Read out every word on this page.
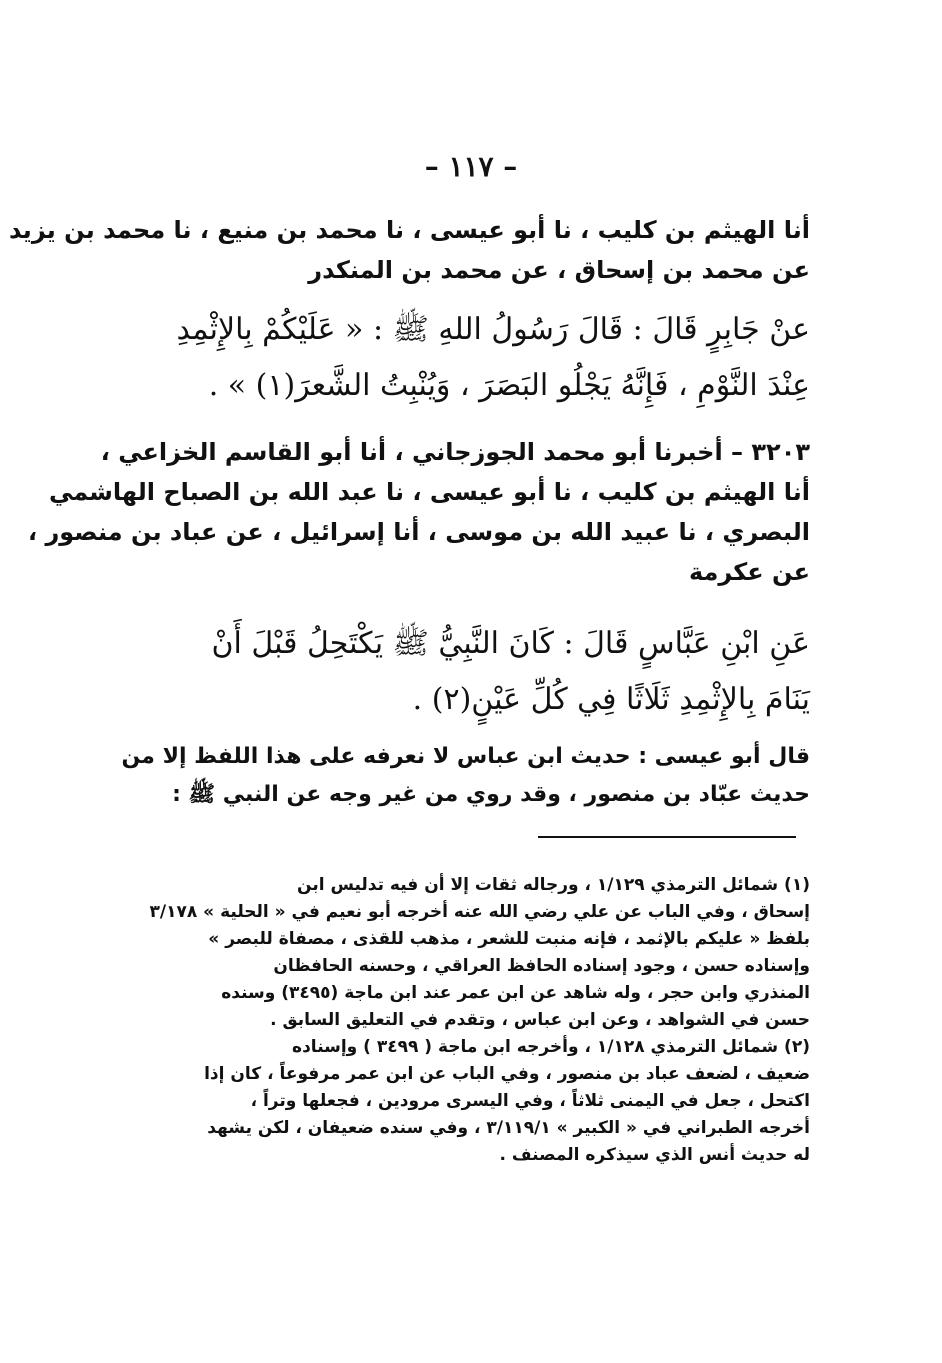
– ١١٧ –
أنا الهيثم بن كليب ، نا أبو عيسى ، نا محمد بن منيع ، نا محمد بن يزيد
عن محمد بن إسحاق ، عن محمد بن المنكدر
عنْ جَابِرٍ قَالَ : قَالَ رَسُولُ اللهِ ﷺ : « عَلَيْكُمْ بِالإِثْمِدِ
عِنْدَ النَّوْمِ ، فَإِنَّهُ يَجْلُو البَصَرَ ، وَيُنْبِتُ الشَّعرَ(١) » .
٣٢٠٣ – أخبرنا أبو محمد الجوزجاني ، أنا أبو القاسم الخزاعي ،
أنا الهيثم بن كليب ، نا أبو عيسى ، نا عبد الله بن الصباح الهاشمي
البصري ، نا عبيد الله بن موسى ، أنا إسرائيل ، عن عباد بن منصور ،
عن عكرمة
عَنِ ابْنِ عَبَّاسٍ قَالَ : كَانَ النَّبِيُّ ﷺ يَكْتَحِلُ قَبْلَ أَنْ
يَنَامَ بِالإِثْمِدِ ثَلَاثًا فِي كُلِّ عَيْنٍ(٢) .
قال أبو عيسى : حديث ابن عباس لا نعرفه على هذا اللفظ إلا من
حديث عبّاد بن منصور ، وقد روي من غير وجه عن النبي ﷺ :
(١) شمائل الترمذي ١/١٢٩ ، ورجاله ثقات إلا أن فيه تدليس ابن
إسحاق ، وفي الباب عن علي رضي الله عنه أخرجه أبو نعيم في « الحلية » ٣/١٧٨
بلفظ « عليكم بالإثمد ، فإنه منبت للشعر ، مذهب للقذى ، مصفاة للبصر »
وإسناده حسن ، وجود إسناده الحافظ العراقي ، وحسنه الحافظان
المنذري وابن حجر ، وله شاهد عن ابن عمر عند ابن ماجة (٣٤٩٥) وسنده
حسن في الشواهد ، وعن ابن عباس ، وتقدم في التعليق السابق .
(٢) شمائل الترمذي ١/١٢٨ ، وأخرجه ابن ماجة ( ٣٤٩٩ ) وإسناده
ضعيف ، لضعف عباد بن منصور ، وفي الباب عن ابن عمر مرفوعاً ، كان إذا
اكتحل ، جعل في اليمنى ثلاثاً ، وفي اليسرى مرودين ، فجعلها وتراً ،
أخرجه الطبراني في « الكبير » ٣/١١٩/١ ، وفي سنده ضعيفان ، لكن يشهد
له حديث أنس الذي سيذكره المصنف .
